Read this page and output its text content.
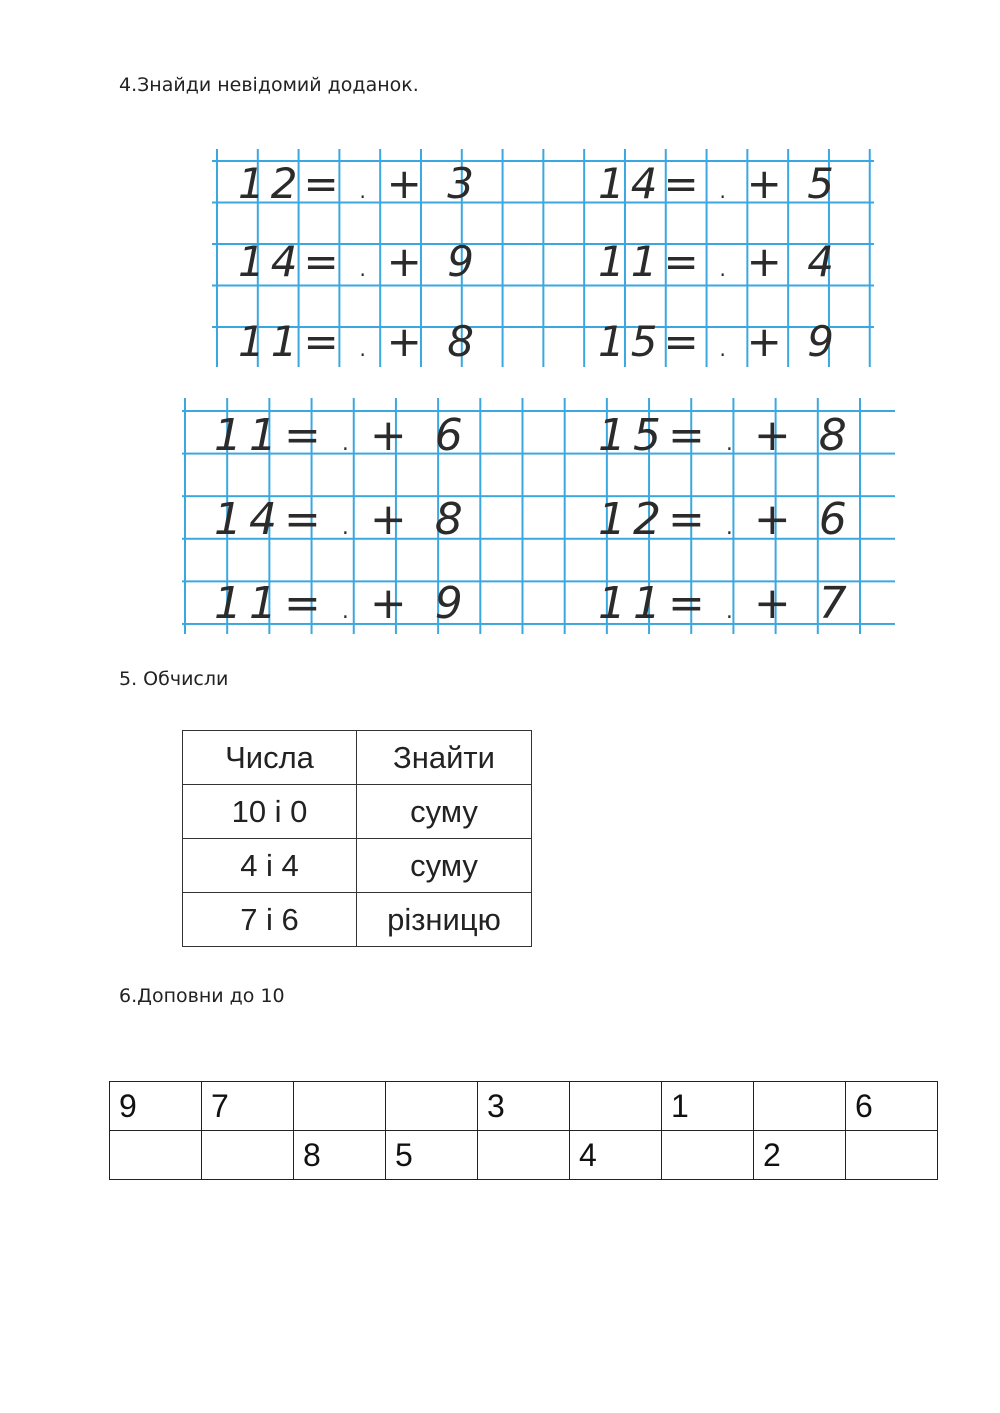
4.Знайди невідомий доданок.
12 = . + 3
14 = . + 9
11 = . + 8
14 = . + 5
11 = . + 4
15 = . + 9
11 = . + 6
14 = . + 8
11 = . + 9
15 = . + 8
12 = . + 6
11 = . + 7
5. Обчисли
Числа	Знайти
10 і 0	суму
4 і 4	суму
7 і 6	різницю
6.Доповни до 10
9	7			3		1		6
		8	5		4		2	
